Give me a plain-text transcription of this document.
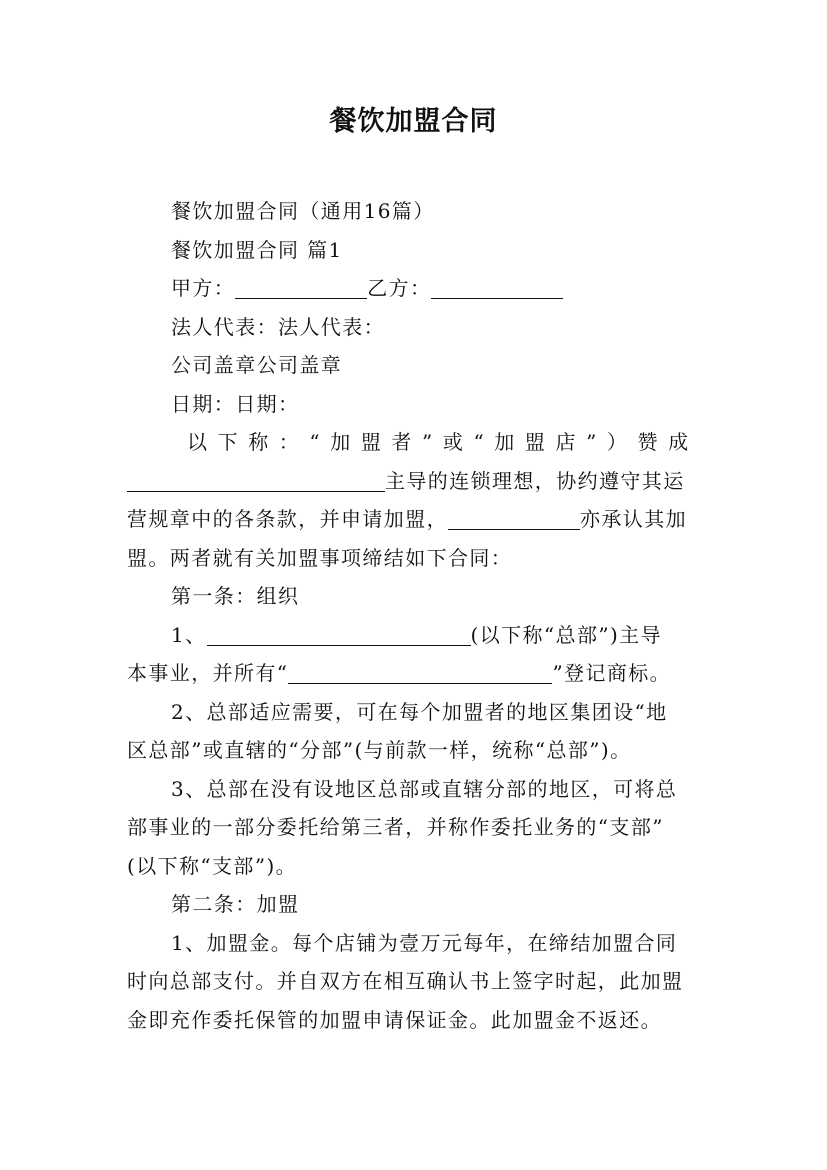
餐饮加盟合同
餐饮加盟合同（通用16篇）
餐饮加盟合同 篇1
甲方：	乙方：
法人代表：法人代表：
公司盖章公司盖章
日期：日期：
以下称：“加盟者”或“加盟店”）赞成
主导的连锁理想，协约遵守其运
营规章中的各条款，并申请加盟，	亦承认其加
盟。两者就有关加盟事项缔结如下合同：
第一条：组织
1、	(以下称“总部”)主导
本事业，并所有“	”登记商标。
2、总部适应需要，可在每个加盟者的地区集团设“地
区总部”或直辖的“分部”(与前款一样，统称“总部”)。
3、总部在没有设地区总部或直辖分部的地区，可将总
部事业的一部分委托给第三者，并称作委托业务的“支部”
(以下称“支部”)。
第二条：加盟
1、加盟金。每个店铺为壹万元每年，在缔结加盟合同
时向总部支付。并自双方在相互确认书上签字时起，此加盟
金即充作委托保管的加盟申请保证金。此加盟金不返还。
